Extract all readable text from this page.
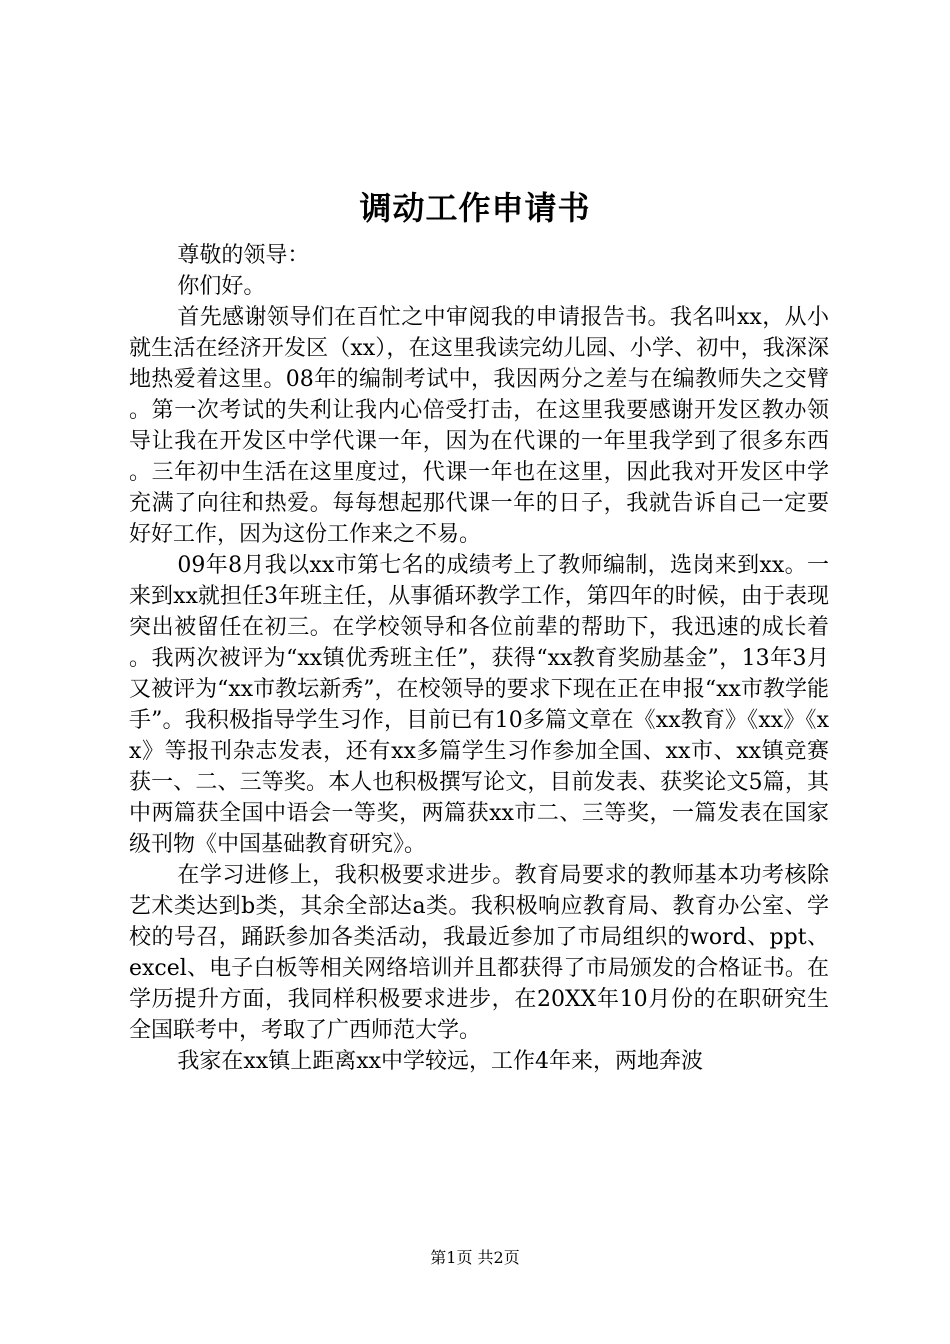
调动工作申请书

尊敬的领导：

你们好。

首先感谢领导们在百忙之中审阅我的申请报告书。我名叫xx，从小就生活在经济开发区（xx），在这里我读完幼儿园、小学、初中，我深深地热爱着这里。08年的编制考试中，我因两分之差与在编教师失之交臂。第一次考试的失利让我内心倍受打击，在这里我要感谢开发区教办领导让我在开发区中学代课一年，因为在代课的一年里我学到了很多东西。三年初中生活在这里度过，代课一年也在这里，因此我对开发区中学充满了向往和热爱。每每想起那代课一年的日子，我就告诉自己一定要好好工作，因为这份工作来之不易。

09年8月我以xx市第七名的成绩考上了教师编制，选岗来到xx。一来到xx就担任3年班主任，从事循环教学工作，第四年的时候，由于表现突出被留任在初三。在学校领导和各位前辈的帮助下，我迅速的成长着。我两次被评为“xx镇优秀班主任”，获得“xx教育奖励基金”，13年3月又被评为“xx市教坛新秀”，在校领导的要求下现在正在申报“xx市教学能手”。我积极指导学生习作，目前已有10多篇文章在《xx教育》《xx》《xx》等报刊杂志发表，还有xx多篇学生习作参加全国、xx市、xx镇竞赛获一、二、三等奖。本人也积极撰写论文，目前发表、获奖论文5篇，其中两篇获全国中语会一等奖，两篇获xx市二、三等奖，一篇发表在国家级刊物《中国基础教育研究》。

在学习进修上，我积极要求进步。教育局要求的教师基本功考核除艺术类达到b类，其余全部达a类。我积极响应教育局、教育办公室、学校的号召，踊跃参加各类活动，我最近参加了市局组织的word、ppt、excel、电子白板等相关网络培训并且都获得了市局颁发的合格证书。在学历提升方面，我同样积极要求进步，在20XX年10月份的在职研究生全国联考中，考取了广西师范大学。

我家在xx镇上距离xx中学较远，工作4年来，两地奔波

第1页 共2页
